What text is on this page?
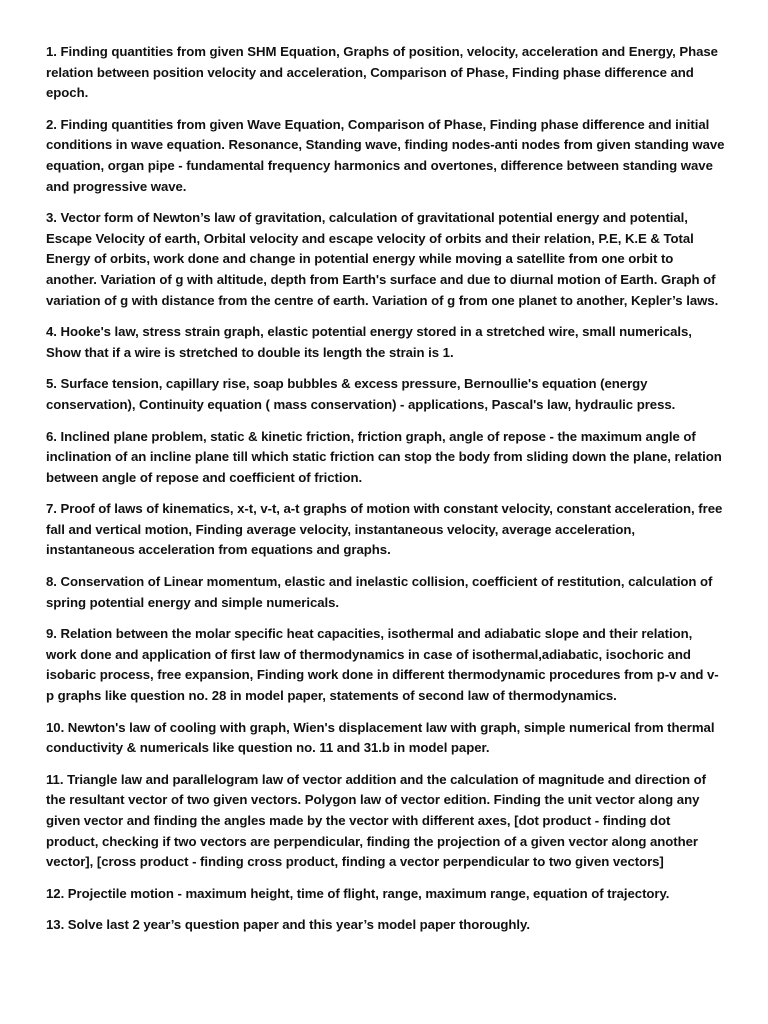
1. Finding quantities from given SHM Equation, Graphs of position, velocity, acceleration and Energy, Phase relation between position velocity and acceleration, Comparison of Phase, Finding phase difference and epoch.

2. Finding quantities from given Wave Equation, Comparison of Phase, Finding phase difference and initial conditions in wave equation. Resonance, Standing wave, finding nodes-anti nodes from given standing wave equation, organ pipe - fundamental frequency harmonics and overtones, difference between standing wave and progressive wave.

3. Vector form of Newton’s law of gravitation, calculation of gravitational potential energy and potential, Escape Velocity of earth, Orbital velocity and escape velocity of orbits and their relation, P.E, K.E & Total Energy of orbits, work done and change in potential energy while moving a satellite from one orbit to another. Variation of g with altitude, depth from Earth's surface and due to diurnal motion of Earth. Graph of variation of g with distance from the centre of earth. Variation of g from one planet to another, Kepler’s laws.

4. Hooke's law, stress strain graph, elastic potential energy stored in a stretched wire, small numericals, Show that if a wire is stretched to double its length the strain is 1.

5. Surface tension, capillary rise, soap bubbles & excess pressure, Bernoullie's equation (energy conservation), Continuity equation ( mass conservation) - applications, Pascal's law, hydraulic press.

6. Inclined plane problem, static & kinetic friction, friction graph, angle of repose - the maximum angle of inclination of an incline plane till which static friction can stop the body from sliding down the plane, relation between angle of repose and coefficient of friction.

7. Proof of laws of kinematics, x-t, v-t, a-t graphs of motion with constant velocity, constant acceleration, free fall and vertical motion, Finding average velocity, instantaneous velocity, average acceleration, instantaneous acceleration from equations and graphs.

8. Conservation of Linear momentum, elastic and inelastic collision, coefficient of restitution, calculation of spring potential energy and simple numericals.

9. Relation between the molar specific heat capacities, isothermal and adiabatic slope and their relation, work done and application of first law of thermodynamics in case of isothermal,adiabatic, isochoric and isobaric process, free expansion, Finding work done in different thermodynamic procedures from p-v and v-p graphs like question no. 28 in model paper, statements of second law of thermodynamics.

10. Newton's law of cooling with graph, Wien's displacement law with graph, simple numerical from thermal conductivity & numericals like question no. 11 and 31.b in model paper.

11. Triangle law and parallelogram law of vector addition and the calculation of magnitude and direction of the resultant vector of two given vectors. Polygon law of vector edition. Finding the unit vector along any given vector and finding the angles made by the vector with different axes, [dot product - finding dot product, checking if two vectors are perpendicular, finding the projection of a given vector along another vector], [cross product - finding cross product, finding a vector perpendicular to two given vectors]

12. Projectile motion - maximum height, time of flight, range, maximum range, equation of trajectory.

13. Solve last 2 year’s question paper and this year’s model paper thoroughly.
